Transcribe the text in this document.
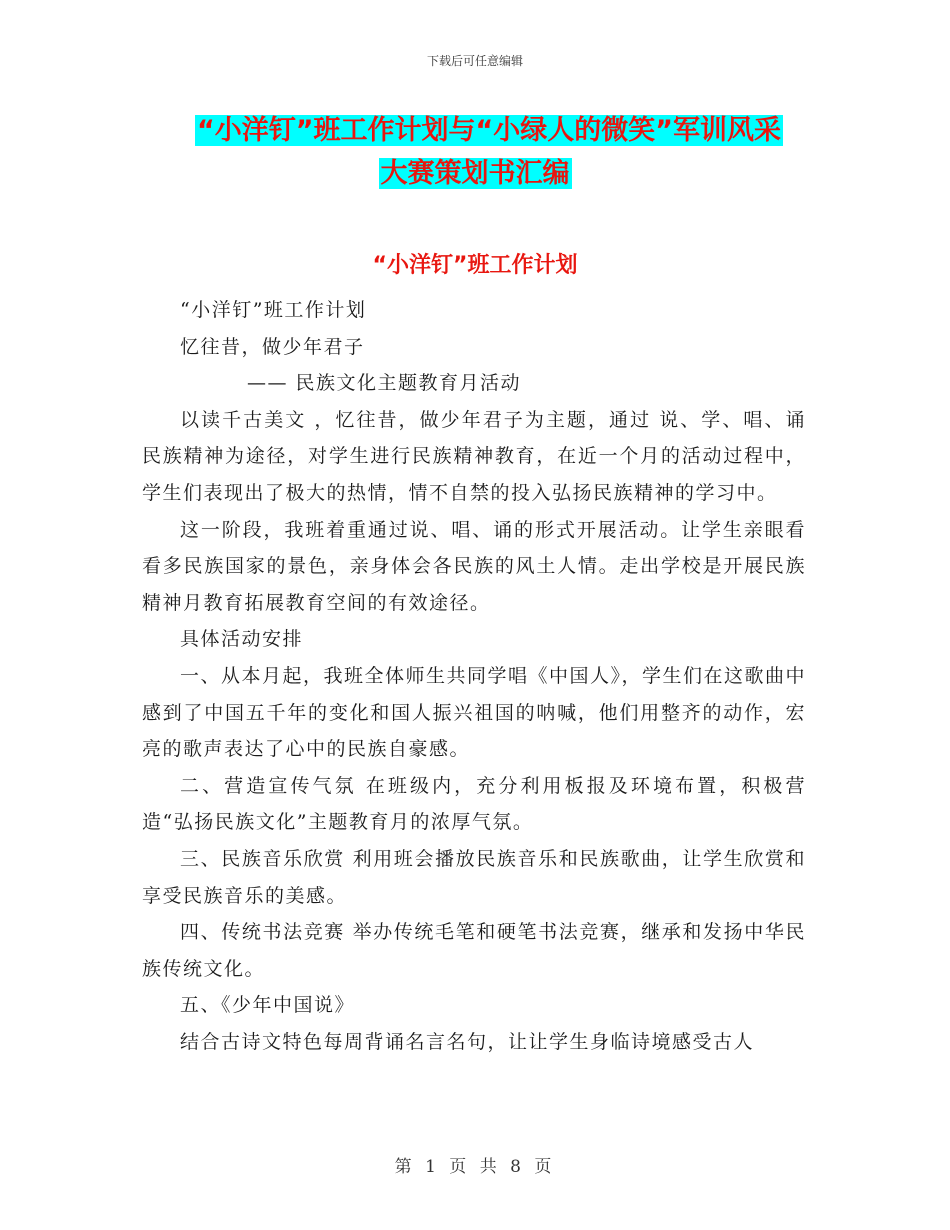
下载后可任意编辑
“小洋钉”班工作计划与“小绿人的微笑”军训风采
大赛策划书汇编
“小洋钉”班工作计划

“小洋钉”班工作计划

忆往昔，做少年君子

—— 民族文化主题教育月活动

以读千古美文 ，忆往昔，做少年君子为主题，通过 说、学、唱、诵民族精神为途径，对学生进行民族精神教育，在近一个月的活动过程中，学生们表现出了极大的热情，情不自禁的投入弘扬民族精神的学习中。

这一阶段，我班着重通过说、唱、诵的形式开展活动。让学生亲眼看看多民族国家的景色，亲身体会各民族的风土人情。走出学校是开展民族精神月教育拓展教育空间的有效途径。

具体活动安排

一、从本月起，我班全体师生共同学唱《中国人》，学生们在这歌曲中感到了中国五千年的变化和国人振兴祖国的呐喊，他们用整齐的动作，宏亮的歌声表达了心中的民族自豪感。

二、营造宣传气氛 在班级内，充分利用板报及环境布置，积极营造“弘扬民族文化”主题教育月的浓厚气氛。

三、民族音乐欣赏 利用班会播放民族音乐和民族歌曲，让学生欣赏和享受民族音乐的美感。

四、传统书法竞赛 举办传统毛笔和硬笔书法竞赛，继承和发扬中华民族传统文化。

五、《少年中国说》

结合古诗文特色每周背诵名言名句，让让学生身临诗境感受古人

第 1 页 共 8 页
